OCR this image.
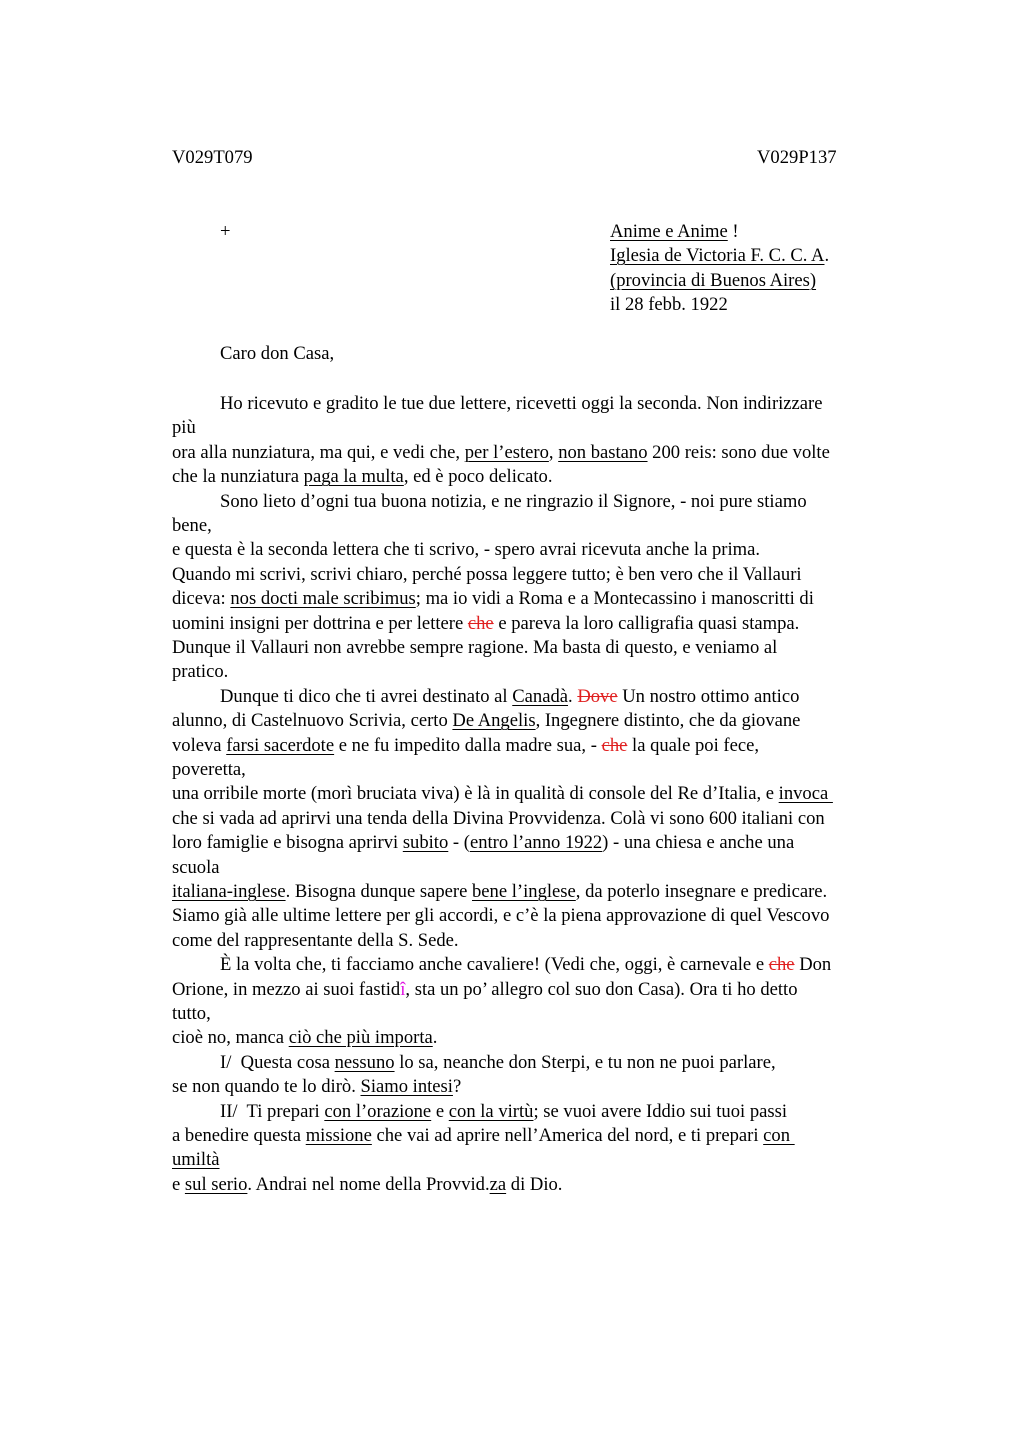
V029T079	V029P137
+	Anime e Anime !
Iglesia de Victoria F. C. C. A.
(provincia di Buenos Aires)
il 28 febb. 1922
Caro don Casa,
Ho ricevuto e gradito le tue due lettere, ricevetti oggi la seconda. Non indirizzare
più
ora alla nunziatura, ma qui, e vedi che, per l’estero, non bastano 200 reis: sono due volte
che la nunziatura paga la multa, ed è poco delicato.
Sono lieto d’ogni tua buona notizia, e ne ringrazio il Signore, - noi pure stiamo
bene,
e questa è la seconda lettera che ti scrivo, - spero avrai ricevuta anche la prima.
Quando mi scrivi, scrivi chiaro, perché possa leggere tutto; è ben vero che il Vallauri
diceva: nos docti male scribimus; ma io vidi a Roma e a Montecassino i manoscritti di
uomini insigni per dottrina e per lettere che e pareva la loro calligrafia quasi stampa.
Dunque il Vallauri non avrebbe sempre ragione. Ma basta di questo, e veniamo al
pratico.
Dunque ti dico che ti avrei destinato al Canadà. Dove Un nostro ottimo antico
alunno, di Castelnuovo Scrivia, certo De Angelis, Ingegnere distinto, che da giovane
voleva farsi sacerdote e ne fu impedito dalla madre sua, - che la quale poi fece,
poveretta,
una orribile morte (morì bruciata viva) è là in qualità di console del Re d’Italia, e invoca
che si vada ad aprirvi una tenda della Divina Provvidenza. Colà vi sono 600 italiani con
loro famiglie e bisogna aprirvi subito - (entro l’anno 1922) - una chiesa e anche una
scuola
italiana-inglese. Bisogna dunque sapere bene l’inglese, da poterlo insegnare e predicare.
Siamo già alle ultime lettere per gli accordi, e c’è la piena approvazione di quel Vescovo
come del rappresentante della S. Sede.
È la volta che, ti facciamo anche cavaliere! (Vedi che, oggi, è carnevale e che Don
Orione, in mezzo ai suoi fastidî, sta un po’ allegro col suo don Casa). Ora ti ho detto
tutto,
cioè no, manca ciò che più importa.
I/  Questa cosa nessuno lo sa, neanche don Sterpi, e tu non ne puoi parlare,
se non quando te lo dirò. Siamo intesi?
II/  Ti prepari con l’orazione e con la virtù; se vuoi avere Iddio sui tuoi passi
a benedire questa missione che vai ad aprire nell’America del nord, e ti prepari con
umiltà
e sul serio. Andrai nel nome della Provvid.za di Dio.
